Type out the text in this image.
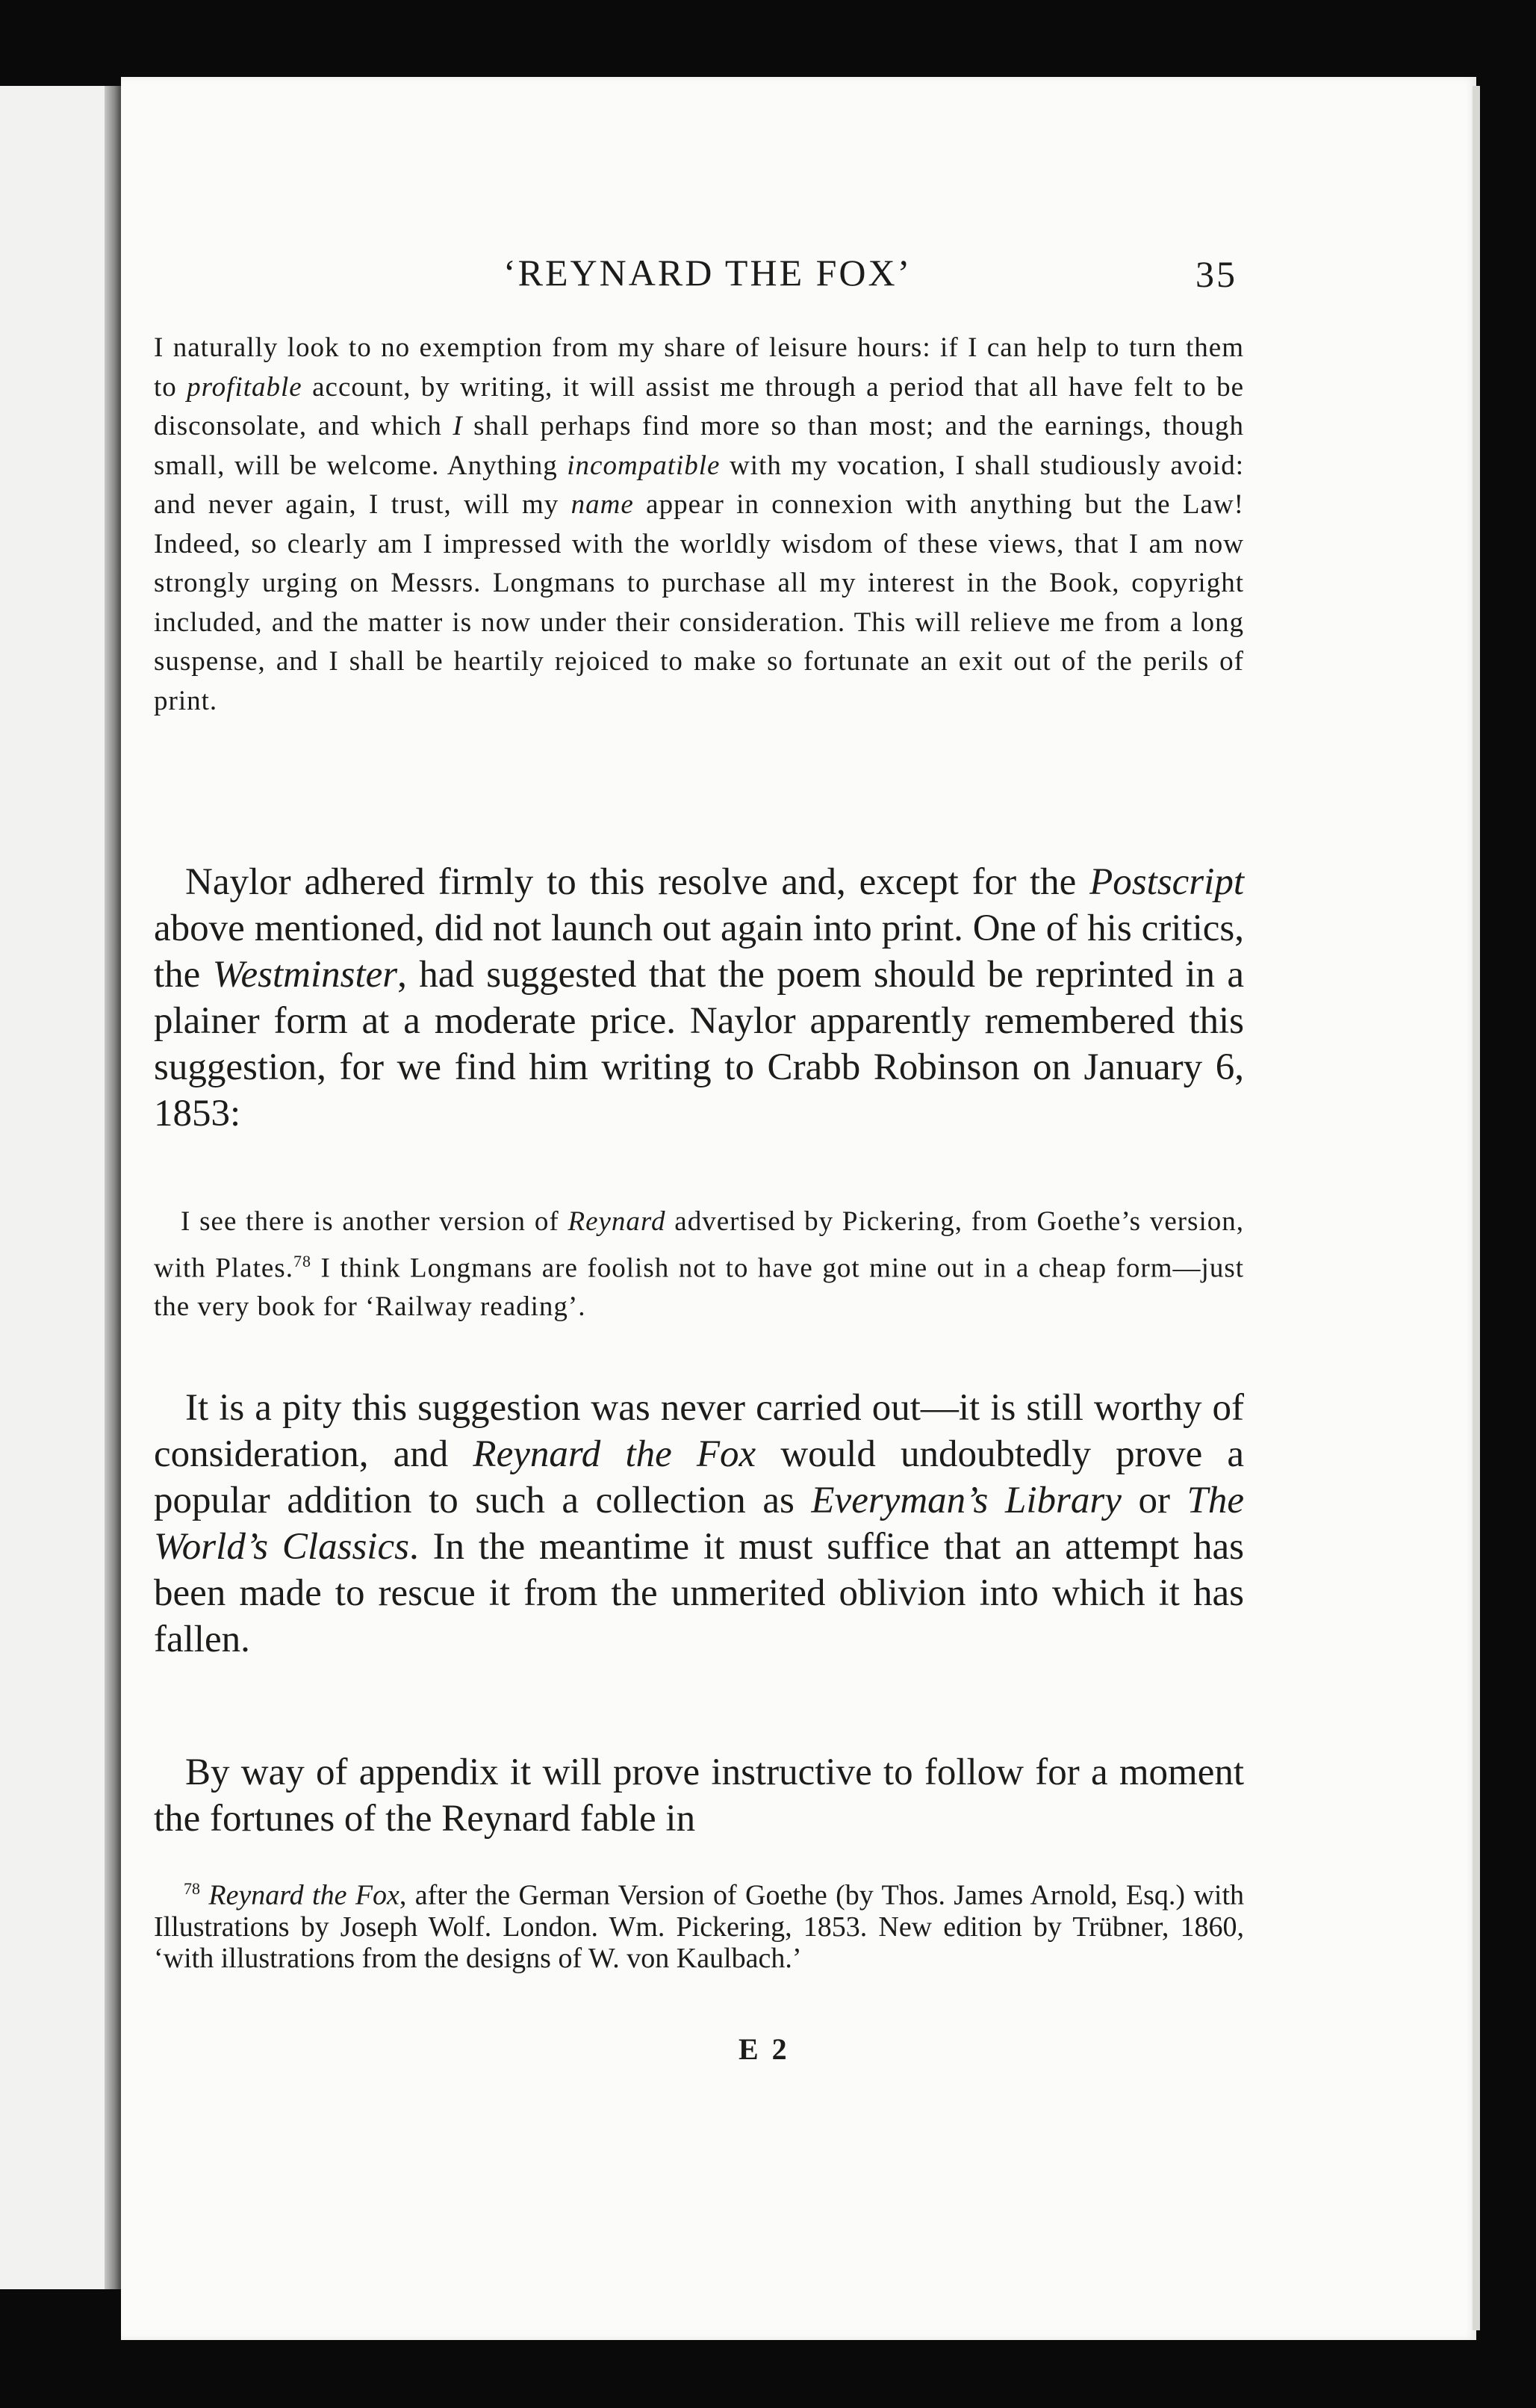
‘REYNARD THE FOX’	35

I naturally look to no exemption from my share of leisure hours: if I can help to turn them to profitable account, by writing, it will assist me through a period that all have felt to be disconsolate, and which I shall perhaps find more so than most; and the earnings, though small, will be welcome. Anything incompatible with my vocation, I shall studiously avoid: and never again, I trust, will my name appear in connexion with anything but the Law! Indeed, so clearly am I impressed with the worldly wisdom of these views, that I am now strongly urging on Messrs. Longmans to purchase all my interest in the Book, copyright included, and the matter is now under their consideration. This will relieve me from a long suspense, and I shall be heartily rejoiced to make so fortunate an exit out of the perils of print.

Naylor adhered firmly to this resolve and, except for the Postscript above mentioned, did not launch out again into print. One of his critics, the Westminster, had suggested that the poem should be reprinted in a plainer form at a moderate price. Naylor apparently remembered this suggestion, for we find him writing to Crabb Robinson on January 6, 1853:

I see there is another version of Reynard advertised by Pickering, from Goethe’s version, with Plates.$^{78}$ I think Longmans are foolish not to have got mine out in a cheap form—just the very book for ‘Railway reading’.

It is a pity this suggestion was never carried out—it is still worthy of consideration, and Reynard the Fox would undoubtedly prove a popular addition to such a collection as Everyman’s Library or The World’s Classics. In the meantime it must suffice that an attempt has been made to rescue it from the unmerited oblivion into which it has fallen.

By way of appendix it will prove instructive to follow for a moment the fortunes of the Reynard fable in

$^{78}$ Reynard the Fox, after the German Version of Goethe (by Thos. James Arnold, Esq.) with Illustrations by Joseph Wolf. London. Wm. Pickering, 1853. New edition by Trübner, 1860, ‘with illustrations from the designs of W. von Kaulbach.’

E 2
